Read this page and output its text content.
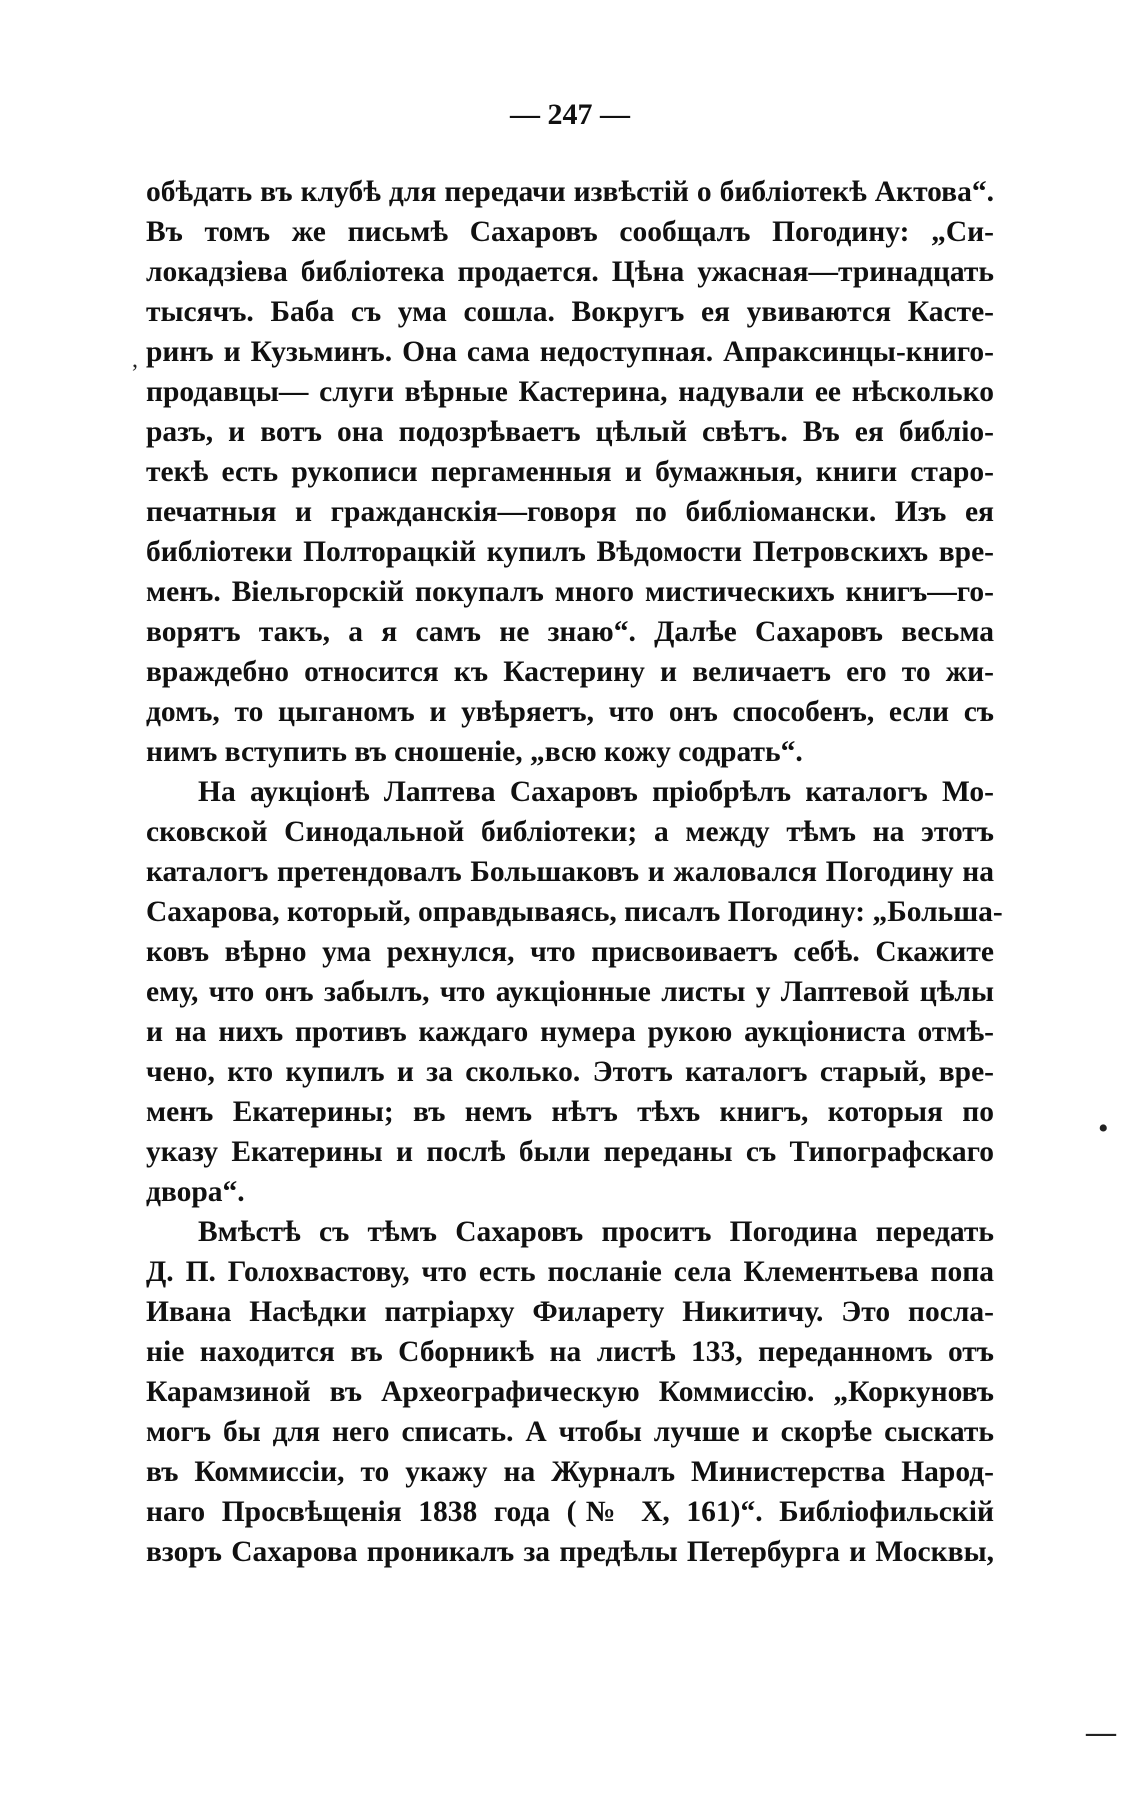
— 247 —
обѣдать въ клубѣ для передачи извѣстій о библіотекѣ Актова“.
Въ томъ же письмѣ Сахаровъ сообщалъ Погодину: „Си-
локадзіева библіотека продается. Цѣна ужасная—тринадцать
тысячъ. Баба съ ума сошла. Вокругъ ея увиваются Касте-
ринъ и Кузьминъ. Она сама недоступная. Апраксинцы-книго-
продавцы— слуги вѣрные Кастерина, надували ее нѣсколько
разъ, и вотъ она подозрѣваетъ цѣлый свѣтъ. Въ ея библіо-
текѣ есть рукописи пергаменныя и бумажныя, книги старо-
печатныя и гражданскія—говоря по библіомански. Изъ ея
библіотеки Полторацкій купилъ Вѣдомости Петровскихъ вре-
менъ. Віельгорскій покупалъ много мистическихъ книгъ—го-
ворятъ такъ, а я самъ не знаю“. Далѣе Сахаровъ весьма
враждебно относится къ Кастерину и величаетъ его то жи-
домъ, то цыганомъ и увѣряетъ, что онъ способенъ, если съ
нимъ вступить въ сношеніе, „всю кожу содрать“.
На аукціонѣ Лаптева Сахаровъ пріобрѣлъ каталогъ Мо-
сковской Синодальной библіотеки; а между тѣмъ на этотъ
каталогъ претендовалъ Большаковъ и жаловался Погодину на
Сахарова, который, оправдываясь, писалъ Погодину: „Больша-
ковъ вѣрно ума рехнулся, что присвоиваетъ себѣ. Скажите
ему, что онъ забылъ, что аукціонные листы у Лаптевой цѣлы
и на нихъ противъ каждаго нумера рукою аукціониста отмѣ-
чено, кто купилъ и за сколько. Этотъ каталогъ старый, вре-
менъ Екатерины; въ немъ нѣтъ тѣхъ книгъ, которыя по
указу Екатерины и послѣ были переданы съ Типографскаго
двора“.
Вмѣстѣ съ тѣмъ Сахаровъ проситъ Погодина передать
Д. П. Голохвастову, что есть посланіе села Клементьева попа
Ивана Насѣдки патріарху Филарету Никитичу. Это посла-
ніе находится въ Сборникѣ на листѣ 133, переданномъ отъ
Карамзиной въ Археографическую Коммиссію. „Коркуновъ
могъ бы для него списать. А чтобы лучше и скорѣе сыскать
въ Коммиссіи, то укажу на Журналъ Министерства Народ-
наго Просвѣщенія 1838 года (№ X, 161)“. Библіофильскій
взоръ Сахарова проникалъ за предѣлы Петербурга и Москвы,
,
•
—
